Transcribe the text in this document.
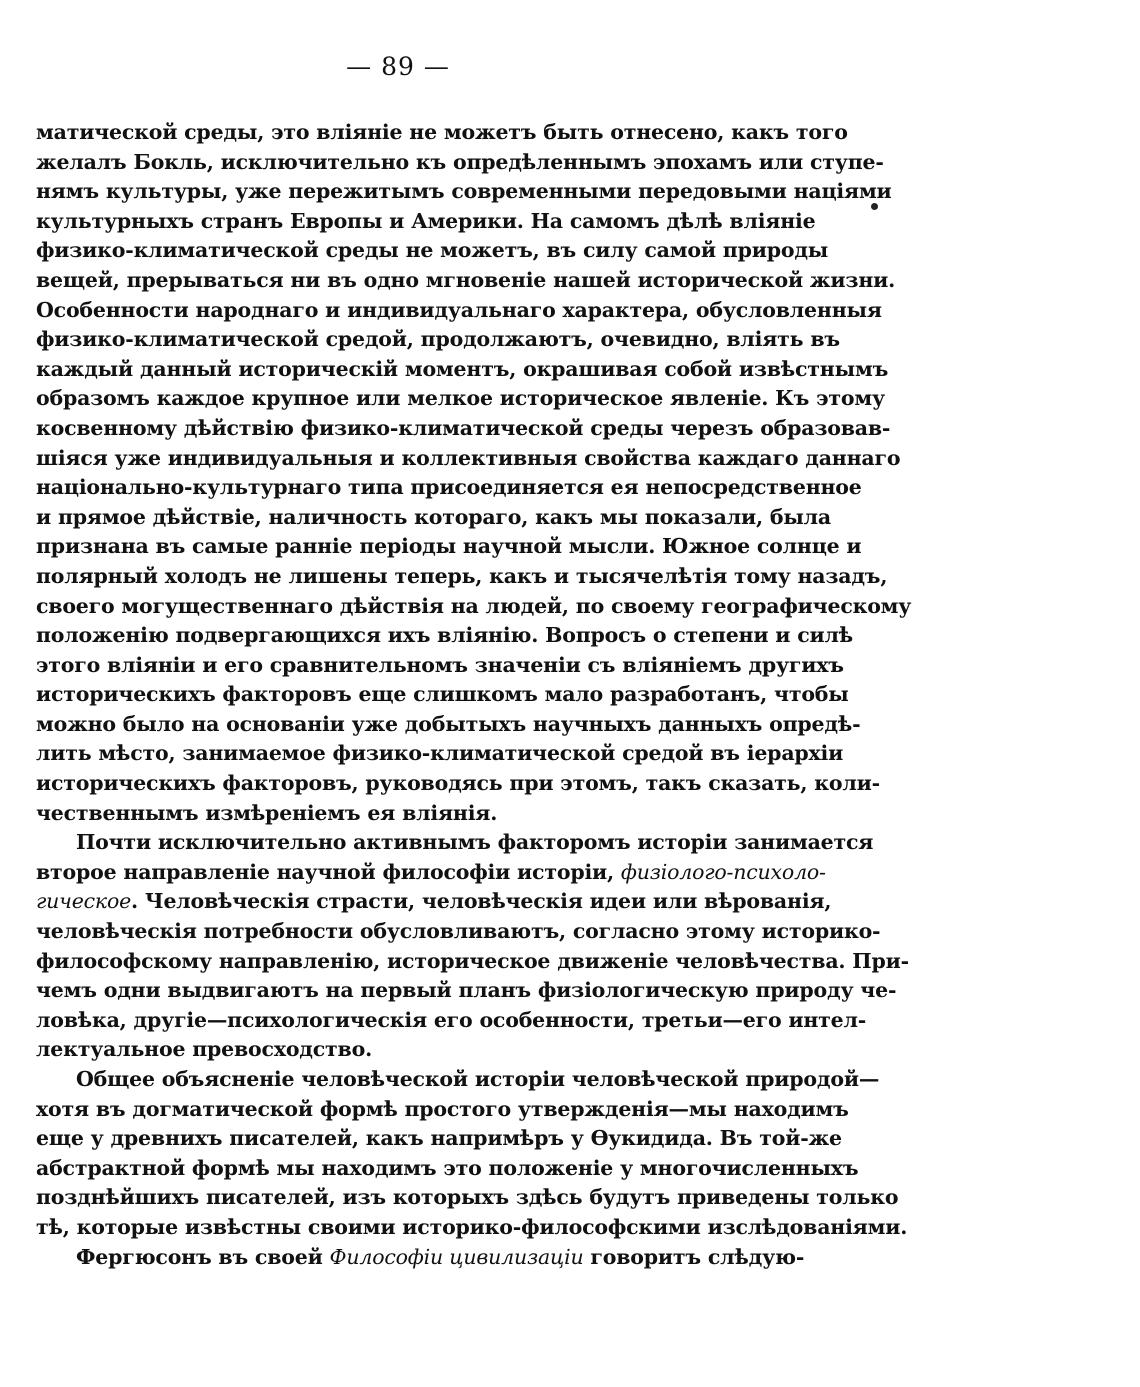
— 89 —
матической среды, это вліяніе не можетъ быть отнесено, какъ того
желалъ Бокль, исключительно къ опредѣленнымъ эпохамъ или ступе-
нямъ культуры, уже пережитымъ современными передовыми націями
культурныхъ странъ Европы и Америки. На самомъ дѣлѣ вліяніе
физико-климатической среды не можетъ, въ силу самой природы
вещей, прерываться ни въ одно мгновеніе нашей исторической жизни.
Особенности народнаго и индивидуальнаго характера, обусловленныя
физико-климатической средой, продолжаютъ, очевидно, вліять въ
каждый данный историческій моментъ, окрашивая собой извѣстнымъ
образомъ каждое крупное или мелкое историческое явленіе. Къ этому
косвенному дѣйствію физико-климатической среды черезъ образовав-
шіяся уже индивидуальныя и коллективныя свойства каждаго даннаго
національно-культурнаго типа присоединяется ея непосредственное
и прямое дѣйствіе, наличность котораго, какъ мы показали, была
признана въ самые ранніе періоды научной мысли. Южное солнце и
полярный холодъ не лишены теперь, какъ и тысячелѣтія тому назадъ,
своего могущественнаго дѣйствія на людей, по своему географическому
положенію подвергающихся ихъ вліянію. Вопросъ о степени и силѣ
этого вліяніи и его сравнительномъ значеніи съ вліяніемъ другихъ
историческихъ факторовъ еще слишкомъ мало разработанъ, чтобы
можно было на основаніи уже добытыхъ научныхъ данныхъ опредѣ-
лить мѣсто, занимаемое физико-климатической средой въ іерархіи
историческихъ факторовъ, руководясь при этомъ, такъ сказать, коли-
чественнымъ измѣреніемъ ея вліянія.
Почти исключительно активнымъ факторомъ исторіи занимается
второе направленіе научной философіи исторіи, физіолого-психоло-
гическое. Человѣческія страсти, человѣческія идеи или вѣрованія,
человѣческія потребности обусловливаютъ, согласно этому историко-
философскому направленію, историческое движеніе человѣчества. При-
чемъ одни выдвигаютъ на первый планъ физіологическую природу че-
ловѣка, другіе—психологическія его особенности, третьи—его интел-
лектуальное превосходство.
Общее объясненіе человѣческой исторіи человѣческой природой—
хотя въ догматической формѣ простого утвержденія—мы находимъ
еще у древнихъ писателей, какъ напримѣръ у Өукидида. Въ той-же
абстрактной формѣ мы находимъ это положеніе у многочисленныхъ
позднѣйшихъ писателей, изъ которыхъ здѣсь будутъ приведены только
тѣ, которые извѣстны своими историко-философскими изслѣдованіями.
Фергюсонъ въ своей Философіи цивилизаціи говоритъ слѣдую-
